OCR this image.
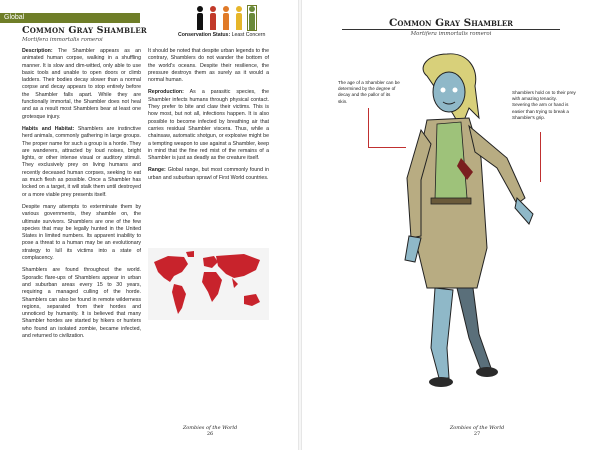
Global
Common Gray Shambler
Mortifera immortalis romeroi
Conservation Status: Least Concern

Description: The Shambler appears as an animated human corpse, walking in a shuffling manner. It is slow and dim-witted, only able to use basic tools and unable to open doors or climb ladders. Their bodies decay slower than a normal corpse and decay appears to stop entirely before the Shambler falls apart. While they are functionally immortal, the Shambler does not heal and as a result most Shamblers bear at least one grotesque injury.

Habits and Habitat: Shamblers are instinctive herd animals, commonly gathering in large groups. The proper name for such a group is a horde. They are wanderers, attracted by loud noises, bright lights, or other intense visual or auditory stimuli. They exclusively prey on living humans and recently deceased human corpses, seeking to eat as much flesh as possible. Once a Shambler has locked on a target, it will stalk them until destroyed or a more viable prey presents itself.

Despite many attempts to exterminate them by various governments, they shamble on, the ultimate survivors. Shamblers are one of the few species that may be legally hunted in the United States in limited numbers. Its apparent inability to pose a threat to a human may be an evolutionary strategy to lull its victims into a state of complacency.

Shamblers are found throughout the world. Sporadic flare-ups of Shamblers appear in urban and suburban areas every 15 to 30 years, requiring a managed culling of the horde. Shamblers can also be found in remote wilderness regions, separated from their hordes and unnoticed by humanity. It is believed that many Shambler hordes are started by hikers or hunters who found an isolated zombie, became infected, and returned to civilization.

It should be noted that despite urban legends to the contrary, Shamblers do not wander the bottom of the world's oceans. Despite their resilience, the pressure destroys them as surely as it would a normal human.

Reproduction: As a parasitic species, the Shambler infects humans through physical contact. They prefer to bite and claw their victims. This is how most, but not all, infections happen. It is also possible to become infected by breathing air that carries residual Shambler viscera. Thus, while a chainsaw, automatic shotgun, or explosive might be a tempting weapon to use against a Shambler, keep in mind that the fine red mist of the remains of a Shambler is just as deadly as the creature itself.

Range: Global range, but most commonly found in urban and suburban sprawl of First World countries.

Zombies of the World
26
Common Gray Shambler
Mortifera immortalis romeroi
The age of a Shambler can be determined by the degree of decay and the pallor of its skin.
Shamblers hold on to their prey with amazing tenacity. Severing the arm or hand is easier than trying to break a Shambler's grip.
Zombies of the World
27
